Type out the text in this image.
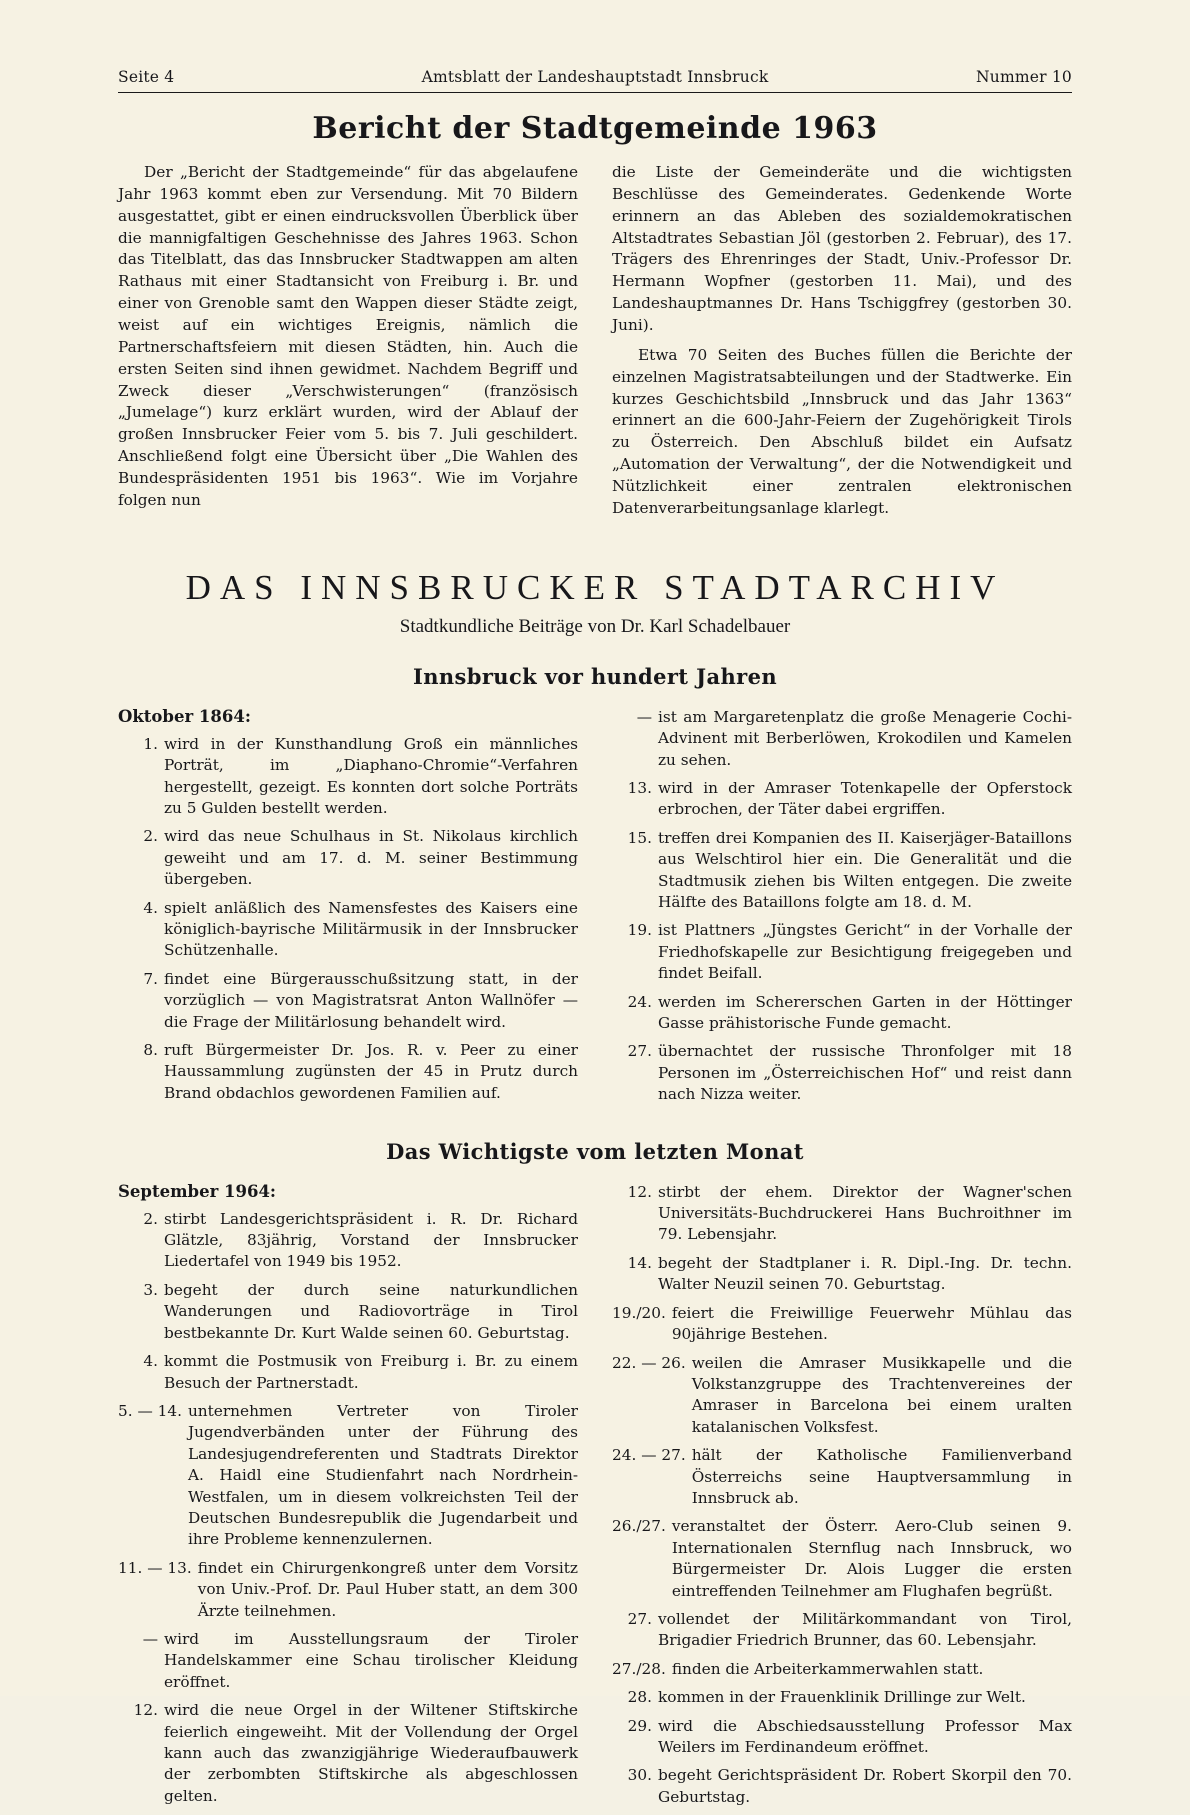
Seite 4	Amtsblatt der Landeshauptstadt Innsbruck	Nummer 10
Bericht der Stadtgemeinde 1963

Der „Bericht der Stadtgemeinde“ für das abgelaufene Jahr 1963 kommt eben zur Versendung. Mit 70 Bildern ausgestattet, gibt er einen eindrucksvollen Überblick über die mannigfaltigen Geschehnisse des Jahres 1963. Schon das Titelblatt, das das Innsbrucker Stadtwappen am alten Rathaus mit einer Stadtansicht von Freiburg i. Br. und einer von Grenoble samt den Wappen dieser Städte zeigt, weist auf ein wichtiges Ereignis, nämlich die Partnerschaftsfeiern mit diesen Städten, hin. Auch die ersten Seiten sind ihnen gewidmet. Nachdem Begriff und Zweck dieser „Verschwisterungen“ (französisch „Jumelage“) kurz erklärt wurden, wird der Ablauf der großen Innsbrucker Feier vom 5. bis 7. Juli geschildert. Anschließend folgt eine Übersicht über „Die Wahlen des Bundespräsidenten 1951 bis 1963“. Wie im Vorjahre folgen nun

die Liste der Gemeinderäte und die wichtigsten Beschlüsse des Gemeinderates. Gedenkende Worte erinnern an das Ableben des sozialdemokratischen Altstadtrates Sebastian Jöl (gestorben 2. Februar), des 17. Trägers des Ehrenringes der Stadt, Univ.-Professor Dr. Hermann Wopfner (gestorben 11. Mai), und des Landeshauptmannes Dr. Hans Tschiggfrey (gestorben 30. Juni).

Etwa 70 Seiten des Buches füllen die Berichte der einzelnen Magistratsabteilungen und der Stadtwerke. Ein kurzes Geschichtsbild „Innsbruck und das Jahr 1363“ erinnert an die 600-Jahr-Feiern der Zugehörigkeit Tirols zu Österreich. Den Abschluß bildet ein Aufsatz „Automation der Verwaltung“, der die Notwendigkeit und Nützlichkeit einer zentralen elektronischen Datenverarbeitungsanlage klarlegt.

DAS INNSBRUCKER STADTARCHIV
Stadtkundliche Beiträge von Dr. Karl Schadelbauer
Innsbruck vor hundert Jahren
Oktober 1864:
1. wird in der Kunsthandlung Groß ein männliches Porträt, im „Diaphano-Chromie“-Verfahren hergestellt, gezeigt. Es konnten dort solche Porträts zu 5 Gulden bestellt werden.
2. wird das neue Schulhaus in St. Nikolaus kirchlich geweiht und am 17. d. M. seiner Bestimmung übergeben.
4. spielt anläßlich des Namensfestes des Kaisers eine königlich-bayrische Militärmusik in der Innsbrucker Schützenhalle.
7. findet eine Bürgerausschußsitzung statt, in der vorzüglich — von Magistratsrat Anton Wallnöfer — die Frage der Militärlosung behandelt wird.
8. ruft Bürgermeister Dr. Jos. R. v. Peer zu einer Haussammlung zugünsten der 45 in Prutz durch Brand obdachlos gewordenen Familien auf.
— ist am Margaretenplatz die große Menagerie Cochi-Advinent mit Berberlöwen, Krokodilen und Kamelen zu sehen.
13. wird in der Amraser Totenkapelle der Opferstock erbrochen, der Täter dabei ergriffen.
15. treffen drei Kompanien des II. Kaiserjäger-Bataillons aus Welschtirol hier ein. Die Generalität und die Stadtmusik ziehen bis Wilten entgegen. Die zweite Hälfte des Bataillons folgte am 18. d. M.
19. ist Plattners „Jüngstes Gericht“ in der Vorhalle der Friedhofskapelle zur Besichtigung freigegeben und findet Beifall.
24. werden im Schererschen Garten in der Höttinger Gasse prähistorische Funde gemacht.
27. übernachtet der russische Thronfolger mit 18 Personen im „Österreichischen Hof“ und reist dann nach Nizza weiter.
Das Wichtigste vom letzten Monat
September 1964:
2. stirbt Landesgerichtspräsident i. R. Dr. Richard Glätzle, 83jährig, Vorstand der Innsbrucker Liedertafel von 1949 bis 1952.
3. begeht der durch seine naturkundlichen Wanderungen und Radiovorträge in Tirol bestbekannte Dr. Kurt Walde seinen 60. Geburtstag.
4. kommt die Postmusik von Freiburg i. Br. zu einem Besuch der Partnerstadt.
5. — 14. unternehmen Vertreter von Tiroler Jugendverbänden unter der Führung des Landesjugendreferenten und Stadtrats Direktor A. Haidl eine Studienfahrt nach Nordrhein-Westfalen, um in diesem volkreichsten Teil der Deutschen Bundesrepublik die Jugendarbeit und ihre Probleme kennenzulernen.
11. — 13. findet ein Chirurgenkongreß unter dem Vorsitz von Univ.-Prof. Dr. Paul Huber statt, an dem 300 Ärzte teilnehmen.
— wird im Ausstellungsraum der Tiroler Handelskammer eine Schau tirolischer Kleidung eröffnet.
12. wird die neue Orgel in der Wiltener Stiftskirche feierlich eingeweiht. Mit der Vollendung der Orgel kann auch das zwanzigjährige Wiederaufbauwerk der zerbombten Stiftskirche als abgeschlossen gelten.
12. stirbt der ehem. Direktor der Wagner'schen Universitäts-Buchdruckerei Hans Buchroithner im 79. Lebensjahr.
14. begeht der Stadtplaner i. R. Dipl.-Ing. Dr. techn. Walter Neuzil seinen 70. Geburtstag.
19./20. feiert die Freiwillige Feuerwehr Mühlau das 90jährige Bestehen.
22. — 26. weilen die Amraser Musikkapelle und die Volkstanzgruppe des Trachtenvereines der Amraser in Barcelona bei einem uralten katalanischen Volksfest.
24. — 27. hält der Katholische Familienverband Österreichs seine Hauptversammlung in Innsbruck ab.
26./27. veranstaltet der Österr. Aero-Club seinen 9. Internationalen Sternflug nach Innsbruck, wo Bürgermeister Dr. Alois Lugger die ersten eintreffenden Teilnehmer am Flughafen begrüßt.
27. vollendet der Militärkommandant von Tirol, Brigadier Friedrich Brunner, das 60. Lebensjahr.
27./28. finden die Arbeiterkammerwahlen statt.
28. kommen in der Frauenklinik Drillinge zur Welt.
29. wird die Abschiedsausstellung Professor Max Weilers im Ferdinandeum eröffnet.
30. begeht Gerichtspräsident Dr. Robert Skorpil den 70. Geburtstag.
